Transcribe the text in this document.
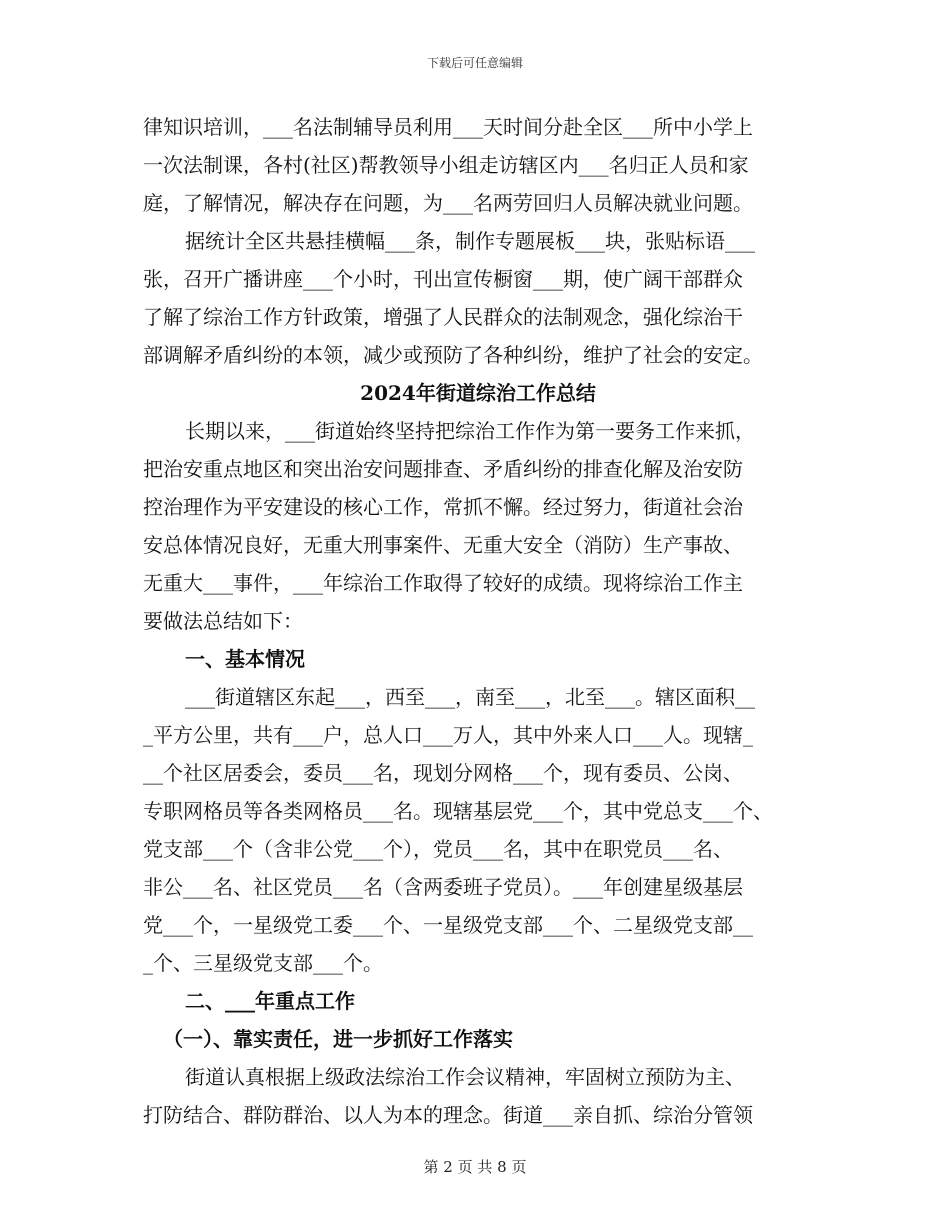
下载后可任意编辑
律知识培训，___名法制辅导员利用___天时间分赴全区___所中小学上
一次法制课，各村(社区)帮教领导小组走访辖区内___名归正人员和家
庭，了解情况，解决存在问题，为___名两劳回归人员解决就业问题。
据统计全区共悬挂横幅___条，制作专题展板___块，张贴标语___
张，召开广播讲座___个小时，刊出宣传橱窗___期，使广阔干部群众
了解了综治工作方针政策，增强了人民群众的法制观念，强化综治干
部调解矛盾纠纷的本领，减少或预防了各种纠纷，维护了社会的安定。
2024年街道综治工作总结
长期以来，___街道始终坚持把综治工作作为第一要务工作来抓，
把治安重点地区和突出治安问题排查、矛盾纠纷的排查化解及治安防
控治理作为平安建设的核心工作，常抓不懈。经过努力，街道社会治
安总体情况良好，无重大刑事案件、无重大安全（消防）生产事故、
无重大___事件，___年综治工作取得了较好的成绩。现将综治工作主
要做法总结如下：
一、基本情况
___街道辖区东起___，西至___，南至___，北至___。辖区面积__
_平方公里，共有___户，总人口___万人，其中外来人口___人。现辖_
__个社区居委会，委员___名，现划分网格___个，现有委员、公岗、
专职网格员等各类网格员___名。现辖基层党___个，其中党总支___个、
党支部___个（含非公党___个），党员___名，其中在职党员___名、
非公___名、社区党员___名（含两委班子党员）。___年创建星级基层
党___个，一星级党工委___个、一星级党支部___个、二星级党支部__
_个、三星级党支部___个。
二、___年重点工作
（一）、靠实责任，进一步抓好工作落实
街道认真根据上级政法综治工作会议精神，牢固树立预防为主、
打防结合、群防群治、以人为本的理念。街道___亲自抓、综治分管领
第 2 页 共 8 页
